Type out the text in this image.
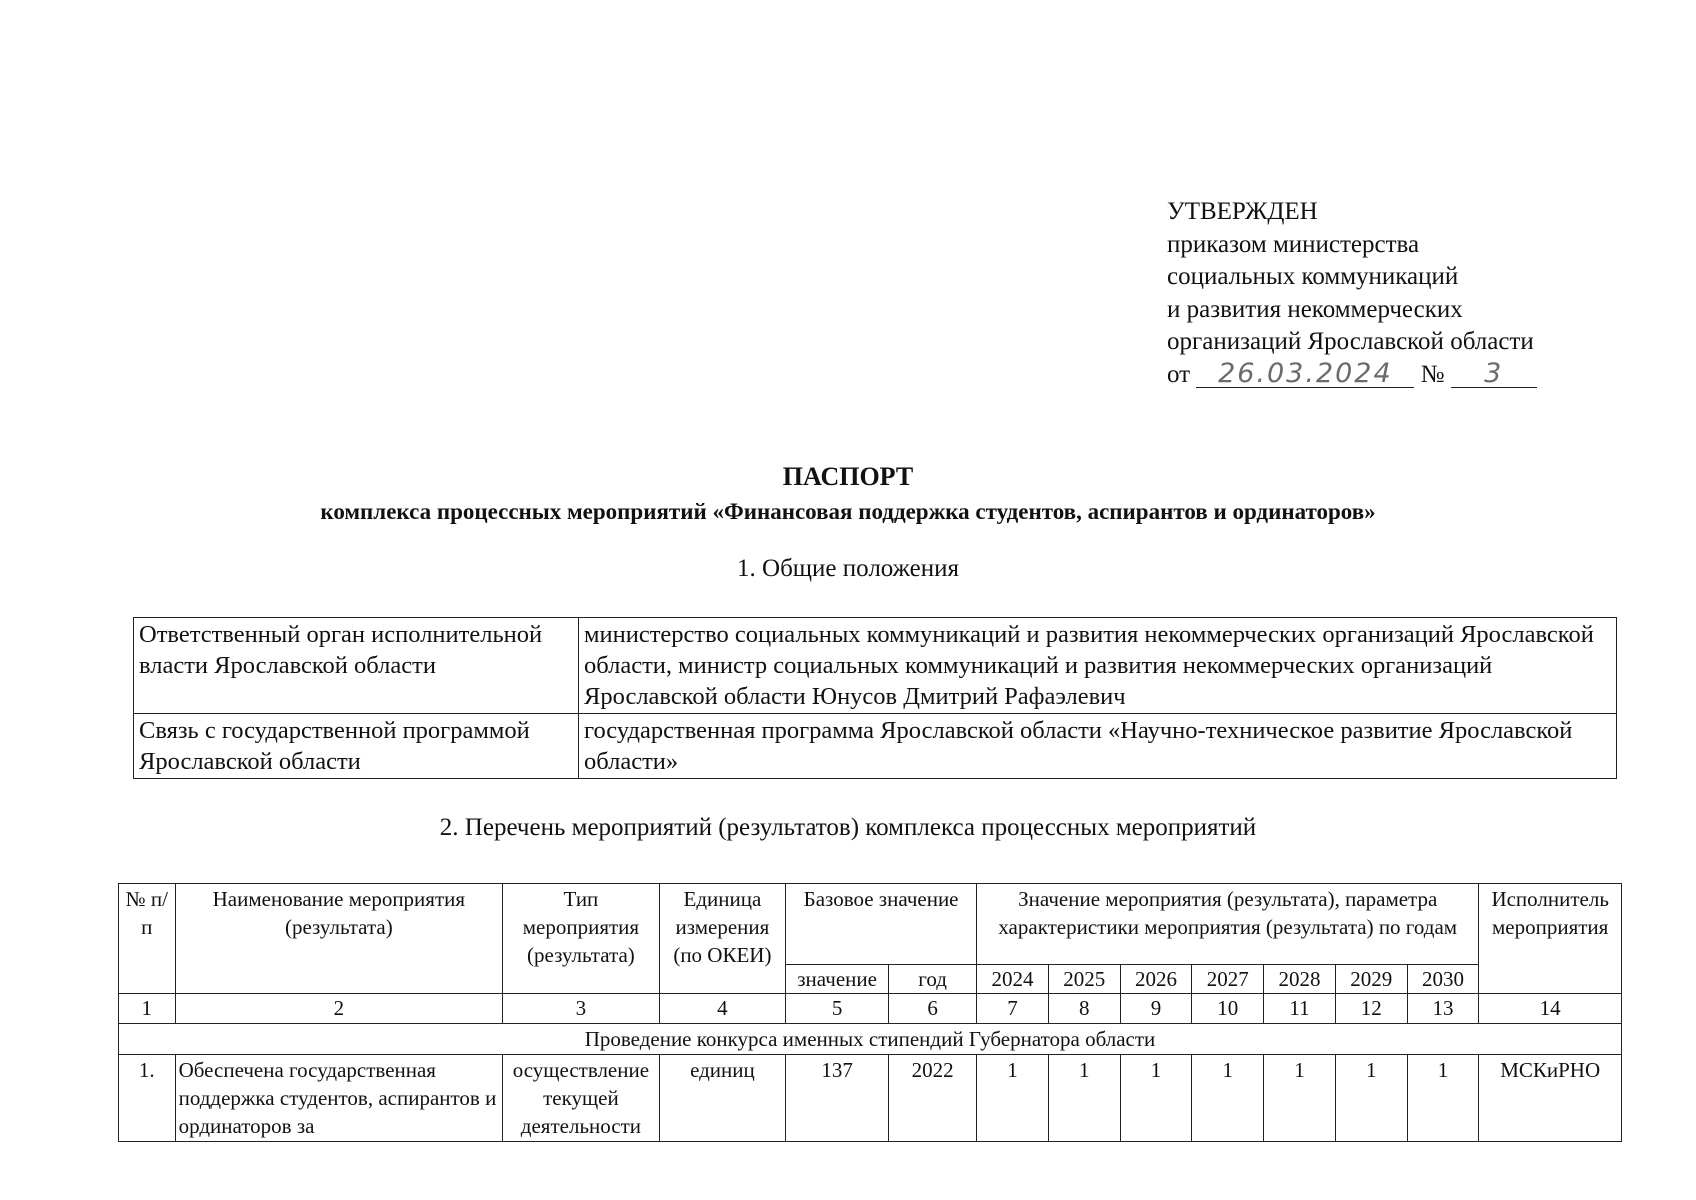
УТВЕРЖДЕН
приказом министерства
социальных коммуникаций
и развития некоммерческих
организаций Ярославской области
от 26.03.2024 № 3
ПАСПОРТ
комплекса процессных мероприятий «Финансовая поддержка студентов, аспирантов и ординаторов»
1. Общие положения
Ответственный орган исполнительной власти Ярославской области	министерство социальных коммуникаций и развития некоммерческих организаций Ярославской области, министр социальных коммуникаций и развития некоммерческих организаций Ярославской области Юнусов Дмитрий Рафаэлевич
Связь с государственной программой Ярославской области	государственная программа Ярославской области «Научно-техническое развитие Ярославской области»
2. Перечень мероприятий (результатов) комплекса процессных мероприятий
№ п/п	Наименование мероприятия (результата)	Тип мероприятия (результата)	Единица измерения (по ОКЕИ)	Базовое значение		Значение мероприятия (результата), параметра характеристики мероприятия (результата) по годам							Исполнитель мероприятия
				значение	год	2024	2025	2026	2027	2028	2029	2030	
1	2	3	4	5	6	7	8	9	10	11	12	13	14
Проведение конкурса именных стипендий Губернатора области													
1.	Обеспечена государственная поддержка студентов, аспирантов и ординаторов за	осуществление текущей деятельности	единиц	137	2022	1	1	1	1	1	1	1	МСКиРНО
